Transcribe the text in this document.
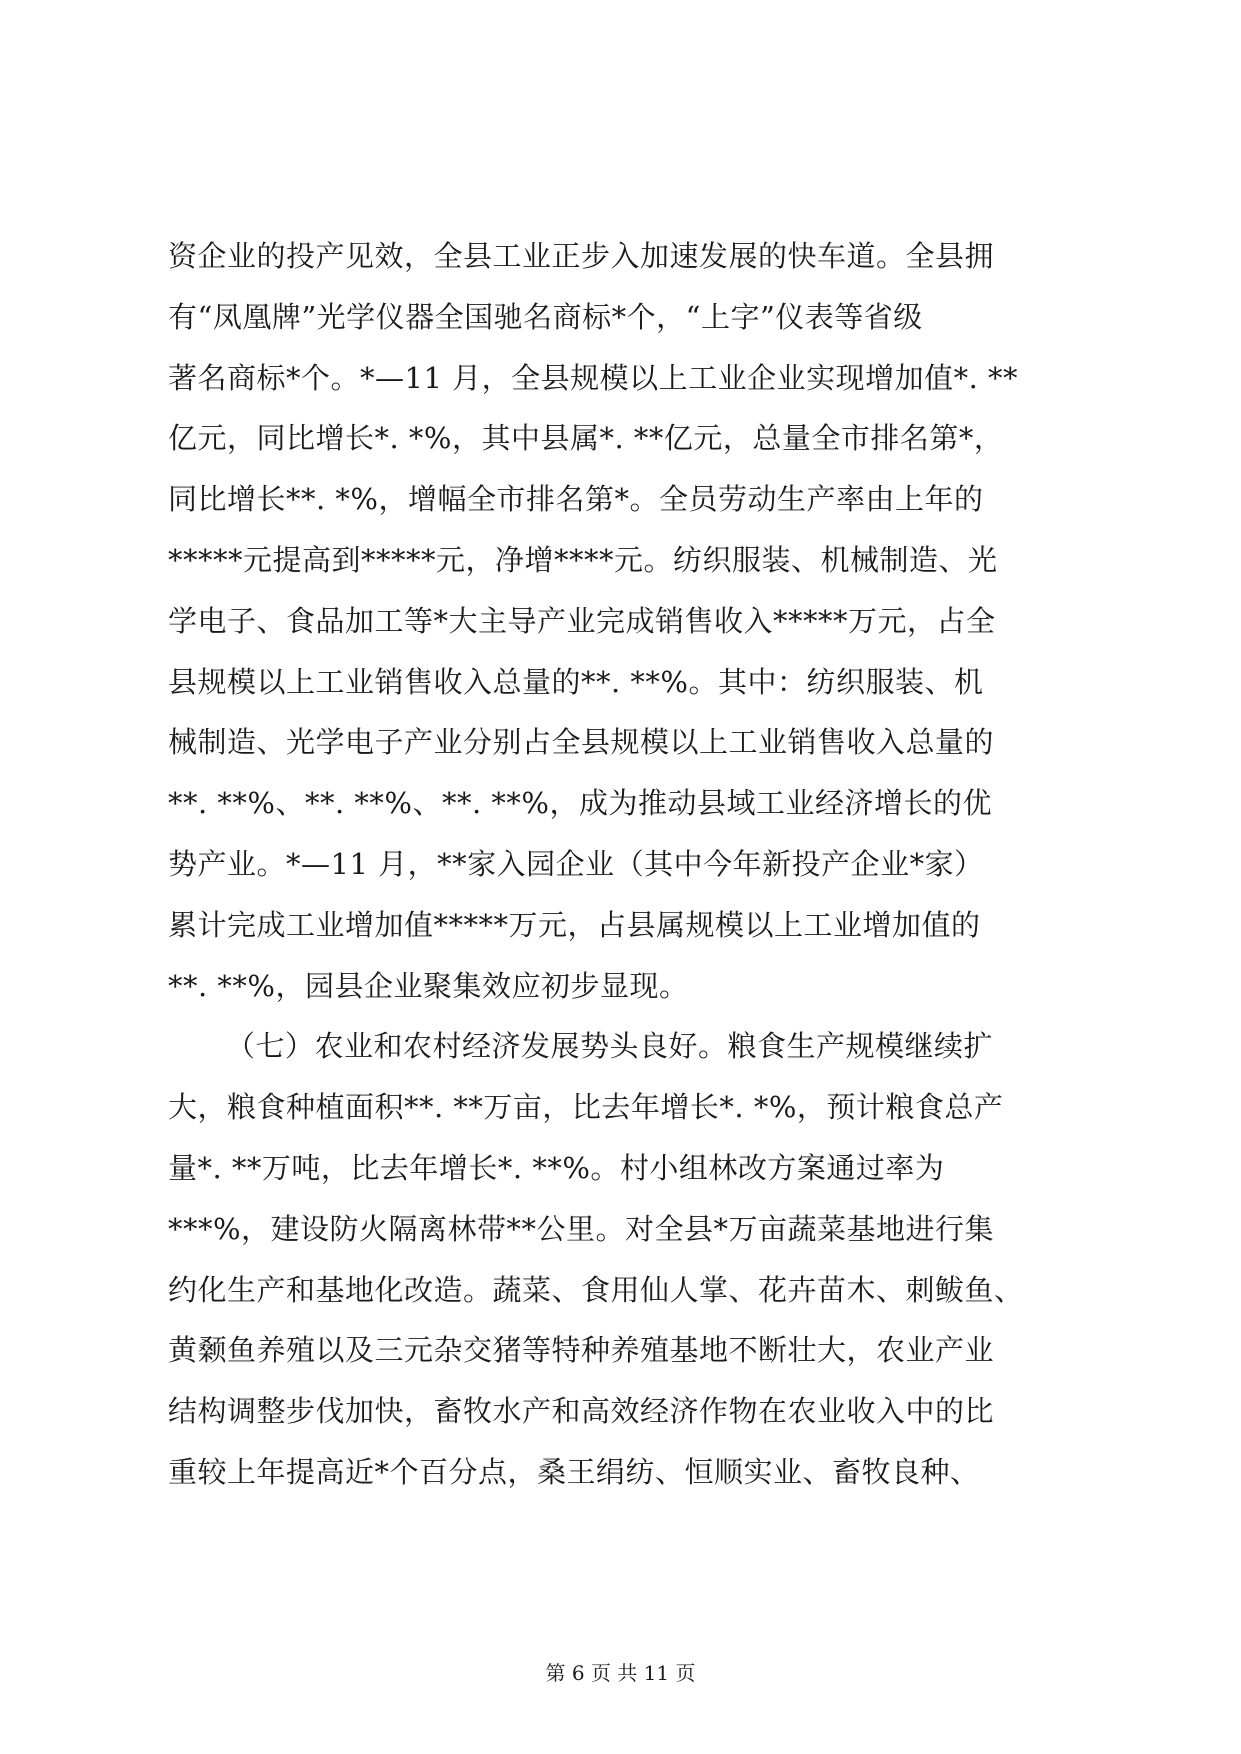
资企业的投产见效，全县工业正步入加速发展的快车道。全县拥
有“凤凰牌”光学仪器全国驰名商标*个，“上字”仪表等省级
著名商标*个。*—11 月，全县规模以上工业企业实现增加值*. **
亿元，同比增长*. *%，其中县属*. **亿元，总量全市排名第*，
同比增长**. *%，增幅全市排名第*。全员劳动生产率由上年的
*****元提高到*****元，净增****元。纺织服装、机械制造、光
学电子、食品加工等*大主导产业完成销售收入*****万元，占全
县规模以上工业销售收入总量的**. **%。其中：纺织服装、机
械制造、光学电子产业分别占全县规模以上工业销售收入总量的
**. **%、**. **%、**. **%，成为推动县域工业经济增长的优
势产业。*—11 月，**家入园企业（其中今年新投产企业*家）
累计完成工业增加值*****万元，占县属规模以上工业增加值的
**. **%，园县企业聚集效应初步显现。
（七）农业和农村经济发展势头良好。粮食生产规模继续扩
大，粮食种植面积**. **万亩，比去年增长*. *%，预计粮食总产
量*. **万吨，比去年增长*. **%。村小组林改方案通过率为
***%，建设防火隔离林带**公里。对全县*万亩蔬菜基地进行集
约化生产和基地化改造。蔬菜、食用仙人掌、花卉苗木、刺鲅鱼、
黄颡鱼养殖以及三元杂交猪等特种养殖基地不断壮大，农业产业
结构调整步伐加快，畜牧水产和高效经济作物在农业收入中的比
重较上年提高近*个百分点，桑王绢纺、恒顺实业、畜牧良种、
第 6 页 共 11 页
